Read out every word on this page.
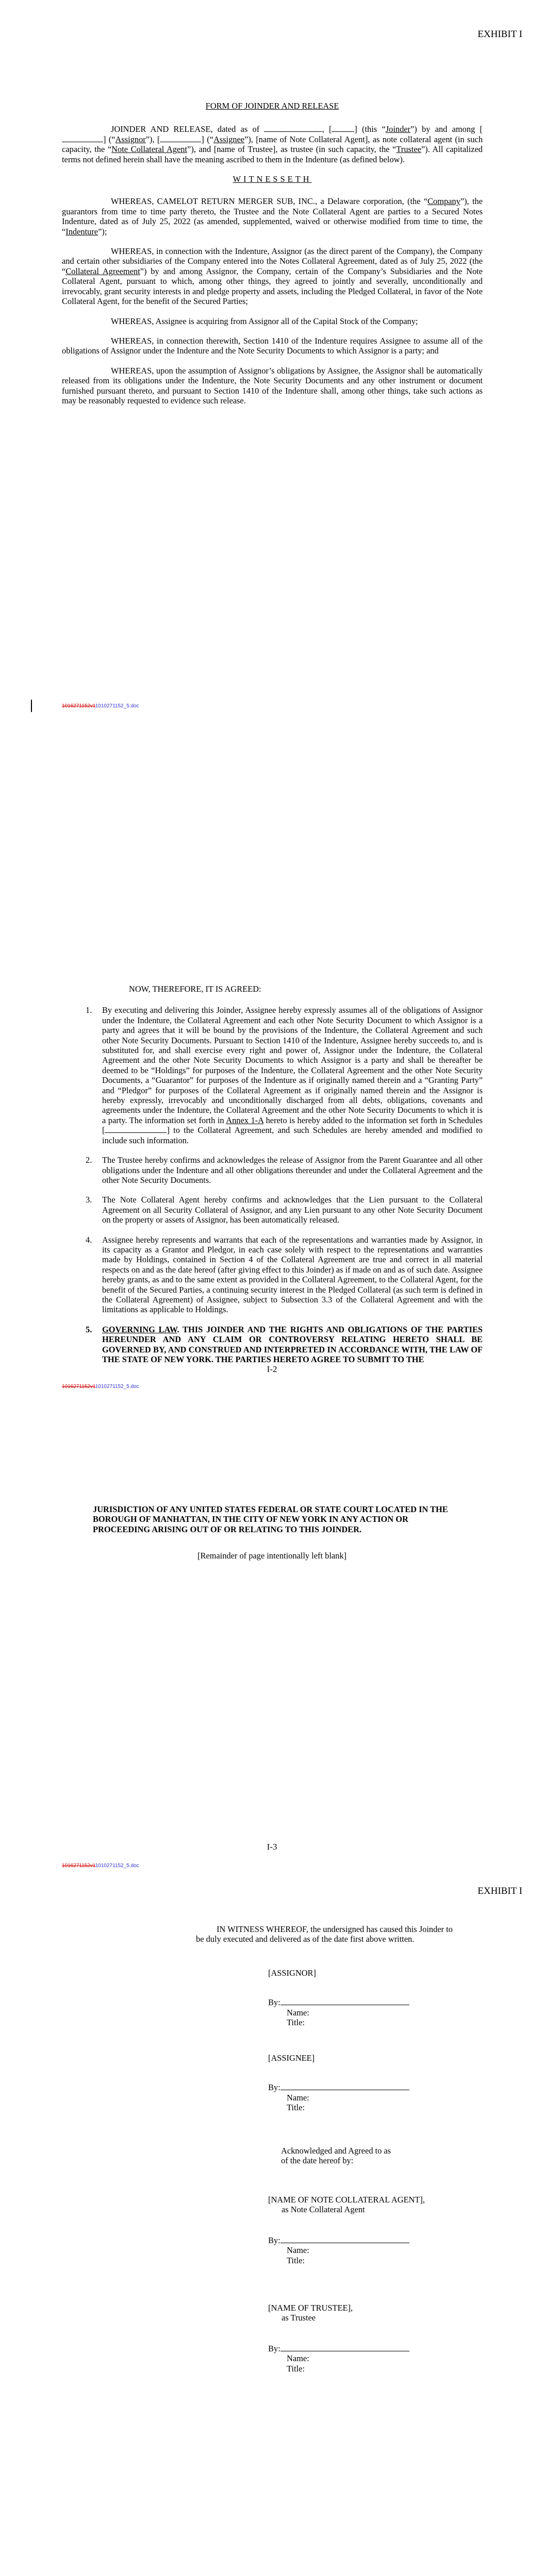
EXHIBIT I
FORM OF JOINDER AND RELEASE

JOINDER AND RELEASE, dated as of	, [	] (this “Joinder”) by and among [] (“Assignor”), [	] (“Assignee”), [name of Note Collateral Agent], as note collateral agent (in such capacity, the “Note Collateral Agent”), and [name of Trustee], as trustee (in such capacity, the “Trustee”). All capitalized terms not defined herein shall have the meaning ascribed to them in the Indenture (as defined below).

WITNESSETH

WHEREAS, CAMELOT RETURN MERGER SUB, INC., a Delaware corporation, (the “Company”), the guarantors from time to time party thereto, the Trustee and the Note Collateral Agent are parties to a Secured Notes Indenture, dated as of July 25, 2022 (as amended, supplemented, waived or otherwise modified from time to time, the “Indenture”);

WHEREAS, in connection with the Indenture, Assignor (as the direct parent of the Company), the Company and certain other subsidiaries of the Company entered into the Notes Collateral Agreement, dated as of July 25, 2022 (the “Collateral Agreement”) by and among Assignor, the Company, certain of the Company’s Subsidiaries and the Note Collateral Agent, pursuant to which, among other things, they agreed to jointly and severally, unconditionally and irrevocably, grant security interests in and pledge property and assets, including the Pledged Collateral, in favor of the Note Collateral Agent, for the benefit of the Secured Parties;

WHEREAS, Assignee is acquiring from Assignor all of the Capital Stock of the Company;

WHEREAS, in connection therewith, Section 1410 of the Indenture requires Assignee to assume all of the obligations of Assignor under the Indenture and the Note Security Documents to which Assignor is a party; and

WHEREAS, upon the assumption of Assignor’s obligations by Assignee, the Assignor shall be automatically released from its obligations under the Indenture, the Note Security Documents and any other instrument or document furnished pursuant thereto, and pursuant to Section 1410 of the Indenture shall, among other things, take such actions as may be reasonably requested to evidence such release.

1016271152v11010271152_5.doc

NOW, THEREFORE, IT IS AGREED:

1. By executing and delivering this Joinder, Assignee hereby expressly assumes all of the obligations of Assignor under the Indenture, the Collateral Agreement and each other Note Security Document to which Assignor is a party and agrees that it will be bound by the provisions of the Indenture, the Collateral Agreement and such other Note Security Documents. Pursuant to Section 1410 of the Indenture, Assignee hereby succeeds to, and is substituted for, and shall exercise every right and power of, Assignor under the Indenture, the Collateral Agreement and the other Note Security Documents to which Assignor is a party and shall be thereafter be deemed to be “Holdings” for purposes of the Indenture, the Collateral Agreement and the other Note Security Documents, a “Guarantor” for purposes of the Indenture as if originally named therein and a “Granting Party” and “Pledgor” for purposes of the Collateral Agreement as if originally named therein and the Assignor is hereby expressly, irrevocably and unconditionally discharged from all debts, obligations, covenants and agreements under the Indenture, the Collateral Agreement and the other Note Security Documents to which it is a party. The information set forth in Annex 1-A hereto is hereby added to the information set forth in Schedules [	] to the Collateral Agreement, and such Schedules are hereby amended and modified to include such information.
2. The Trustee hereby confirms and acknowledges the release of Assignor from the Parent Guarantee and all other obligations under the Indenture and all other obligations thereunder and under the Collateral Agreement and the other Note Security Documents.
3. The Note Collateral Agent hereby confirms and acknowledges that the Lien pursuant to the Collateral Agreement on all Security Collateral of Assignor, and any Lien pursuant to any other Note Security Document on the property or assets of Assignor, has been automatically released.
4. Assignee hereby represents and warrants that each of the representations and warranties made by Assignor, in its capacity as a Grantor and Pledgor, in each case solely with respect to the representations and warranties made by Holdings, contained in Section 4 of the Collateral Agreement are true and correct in all material respects on and as the date hereof (after giving effect to this Joinder) as if made on and as of such date. Assignee hereby grants, as and to the same extent as provided in the Collateral Agreement, to the Collateral Agent, for the benefit of the Secured Parties, a continuing security interest in the Pledged Collateral (as such term is defined in the Collateral Agreement) of Assignee, subject to Subsection 3.3 of the Collateral Agreement and with the limitations as applicable to Holdings.
5. GOVERNING LAW. THIS JOINDER AND THE RIGHTS AND OBLIGATIONS OF THE PARTIES HEREUNDER AND ANY CLAIM OR CONTROVERSY RELATING HERETO SHALL BE GOVERNED BY, AND CONSTRUED AND INTERPRETED IN ACCORDANCE WITH, THE LAW OF THE STATE OF NEW YORK. THE PARTIES HERETO AGREE TO SUBMIT TO THE
I-2
1016271152v11010271152_5.doc
JURISDICTION OF ANY UNITED STATES FEDERAL OR STATE COURT LOCATED IN THE BOROUGH OF MANHATTAN, IN THE CITY OF NEW YORK IN ANY ACTION OR PROCEEDING ARISING OUT OF OR RELATING TO THIS JOINDER.
[Remainder of page intentionally left blank]
I-3
1016271152v11010271152_5.doc
EXHIBIT I

IN WITNESS WHEREOF, the undersigned has caused this Joinder to be duly executed and delivered as of the date first above written.

[ASSIGNOR]
By:
Name:
Title:
[ASSIGNEE]
By:
Name:
Title:
Acknowledged and Agreed to as
of the date hereof by:
[NAME OF NOTE COLLATERAL AGENT],
as Note Collateral Agent
By:
Name:
Title:
[NAME OF TRUSTEE],
as Trustee
By:
Name:
Title:
